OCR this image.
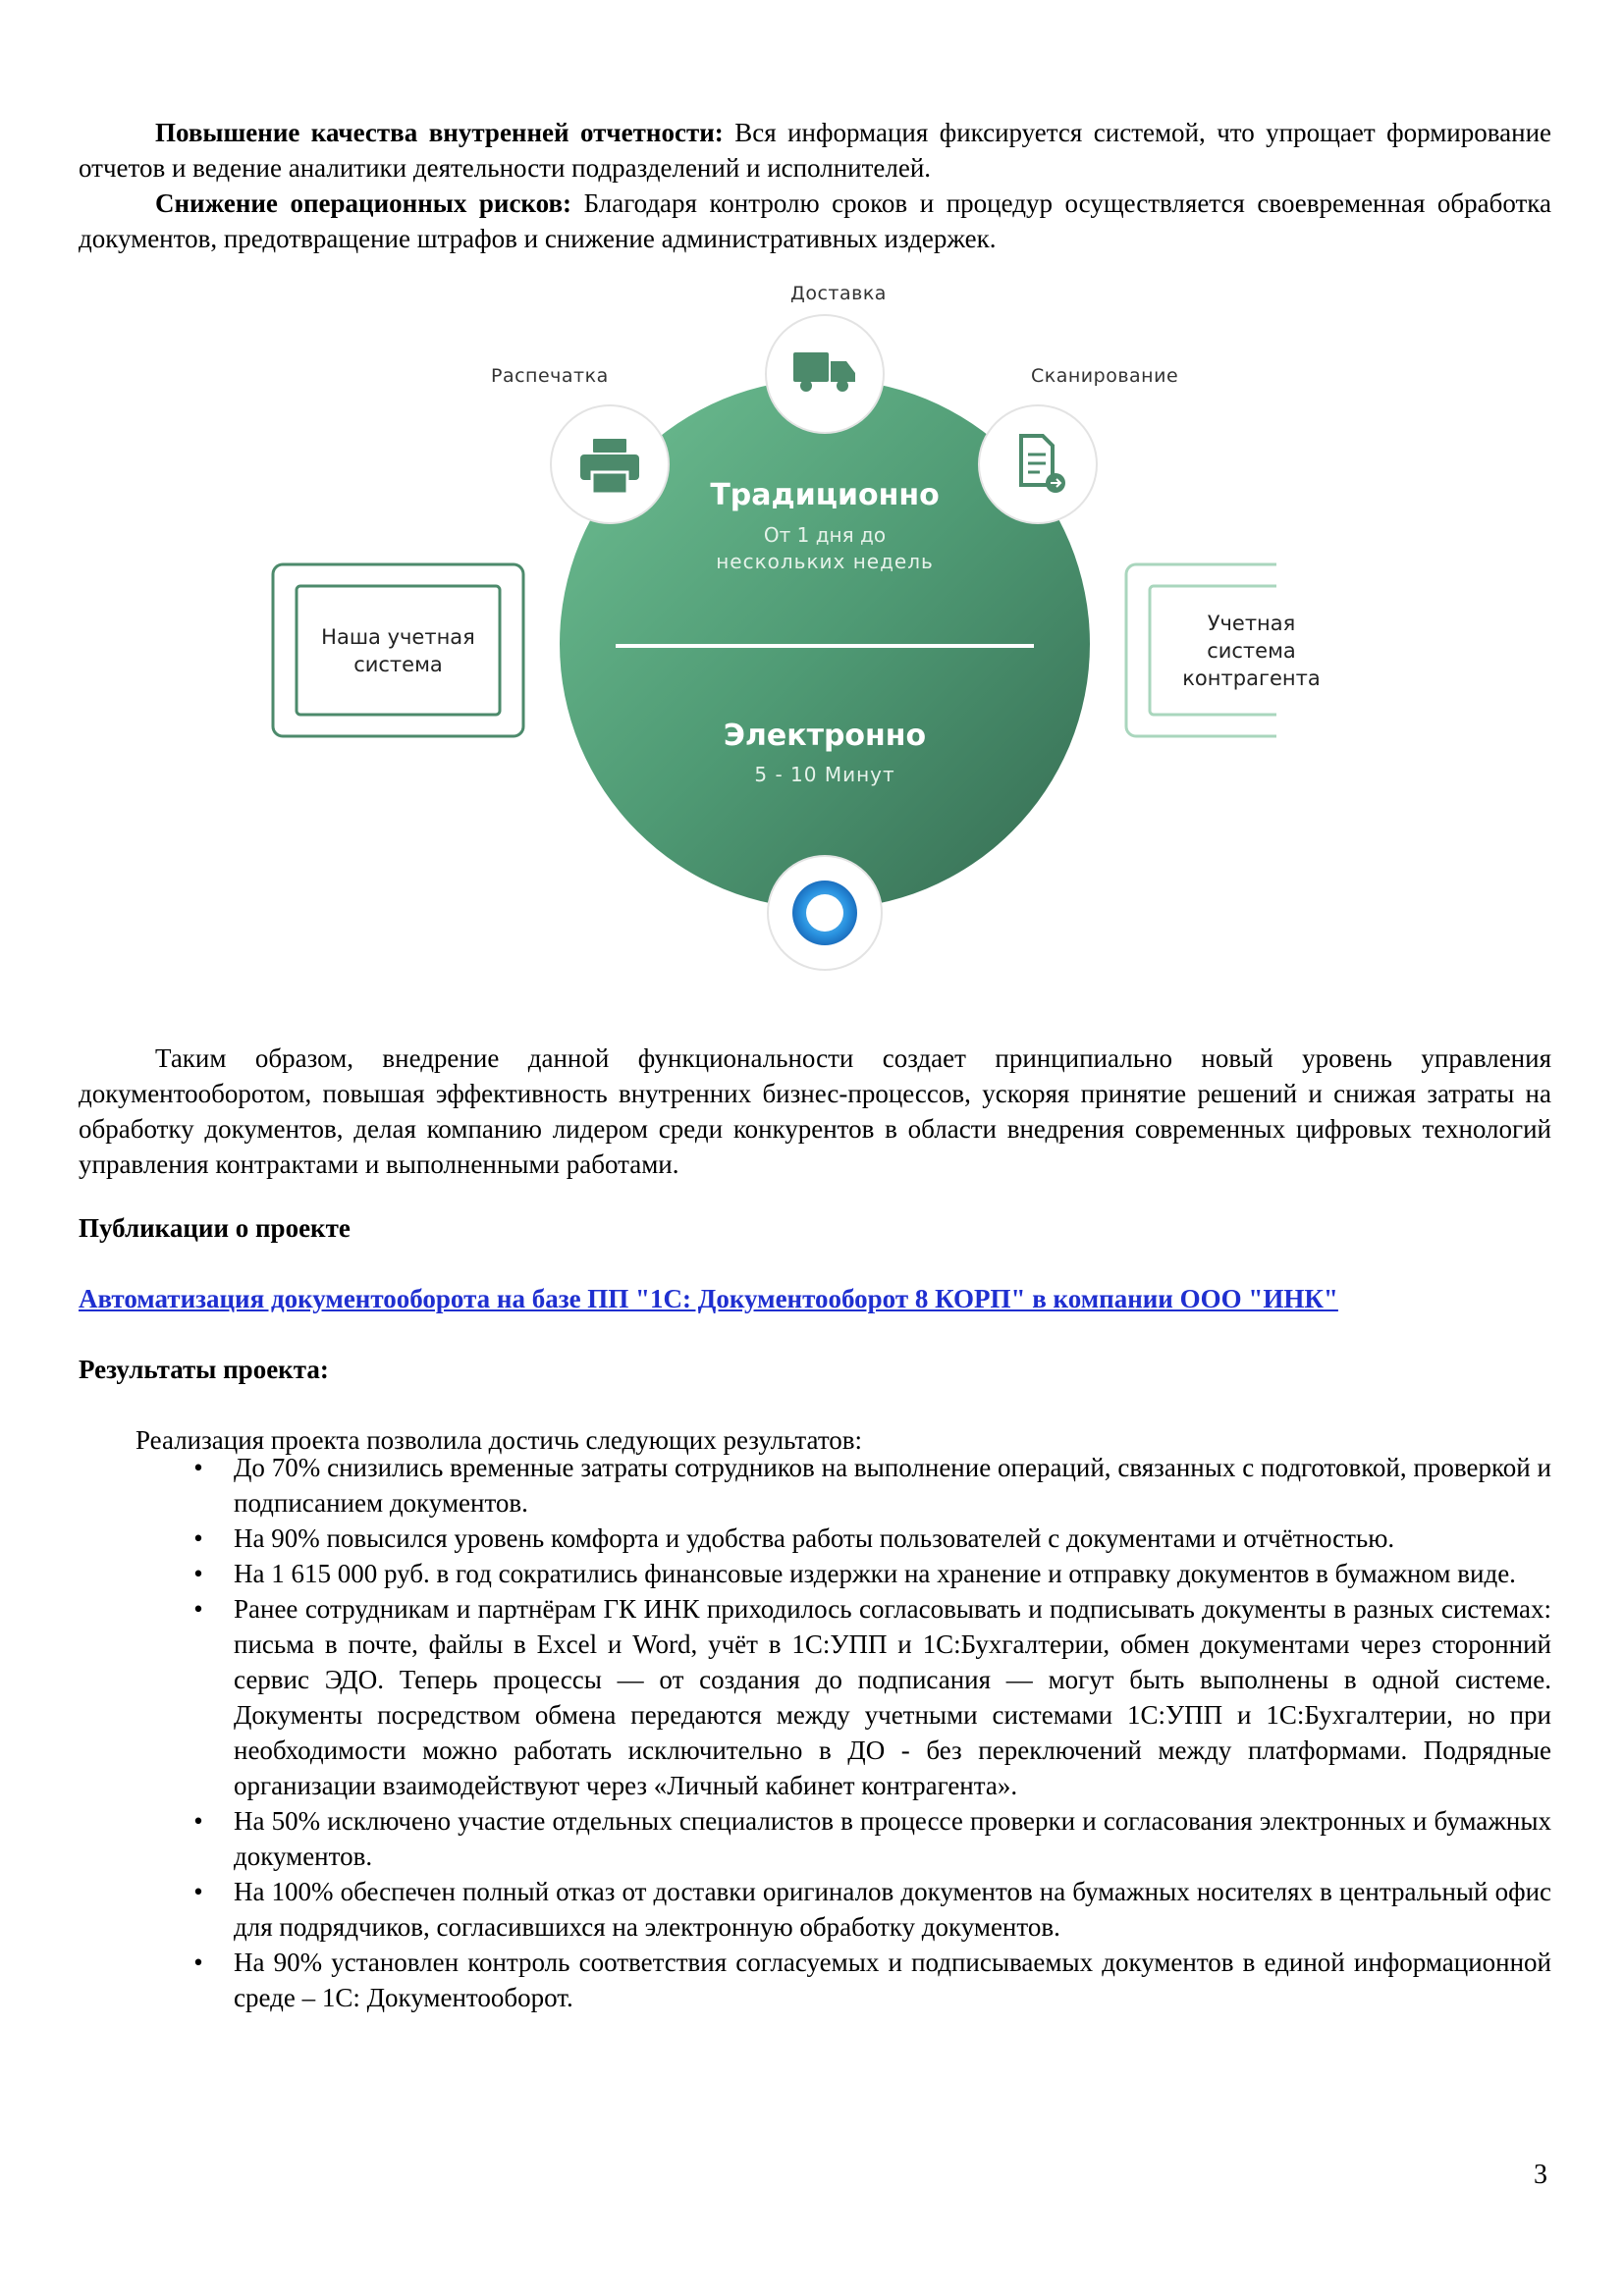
Повышение качества внутренней отчетности: Вся информация фиксируется системой, что упрощает формирование отчетов и ведение аналитики деятельности подразделений и исполнителей.
Снижение операционных рисков: Благодаря контролю сроков и процедур осуществляется своевременная обработка документов, предотвращение штрафов и снижение административных издержек.
Доставка
Распечатка	Сканирование
Традиционно
От 1 дня до
нескольких недель
Электронно
5 - 10 Минут
Наша учетная система
Учетная система контрагента
Таким образом, внедрение данной функциональности создает принципиально новый уровень управления документооборотом, повышая эффективность внутренних бизнес-процессов, ускоряя принятие решений и снижая затраты на обработку документов, делая компанию лидером среди конкурентов в области внедрения современных цифровых технологий управления контрактами и выполненными работами.
Публикации о проекте
Автоматизация документооборота на базе ПП "1С: Документооборот 8 КОРП" в компании ООО "ИНК"
Результаты проекта:
Реализация проекта позволила достичь следующих результатов:
• До 70% снизились временные затраты сотрудников на выполнение операций, связанных с подготовкой, проверкой и подписанием документов.
• На 90% повысился уровень комфорта и удобства работы пользователей с документами и отчётностью.
• На 1 615 000 руб. в год сократились финансовые издержки на хранение и отправку документов в бумажном виде.
• Ранее сотрудникам и партнёрам ГК ИНК приходилось согласовывать и подписывать документы в разных системах: письма в почте, файлы в Excel и Word, учёт в 1С:УПП и 1С:Бухгалтерии, обмен документами через сторонний сервис ЭДО. Теперь процессы — от создания до подписания — могут быть выполнены в одной системе. Документы посредством обмена передаются между учетными системами 1С:УПП и 1С:Бухгалтерии, но при необходимости можно работать исключительно в ДО - без переключений между платформами. Подрядные организации взаимодействуют через «Личный кабинет контрагента».
• На 50% исключено участие отдельных специалистов в процессе проверки и согласования электронных и бумажных документов.
• На 100% обеспечен полный отказ от доставки оригиналов документов на бумажных носителях в центральный офис для подрядчиков, согласившихся на электронную обработку документов.
• На 90% установлен контроль соответствия согласуемых и подписываемых документов в единой информационной среде – 1С: Документооборот.
3
